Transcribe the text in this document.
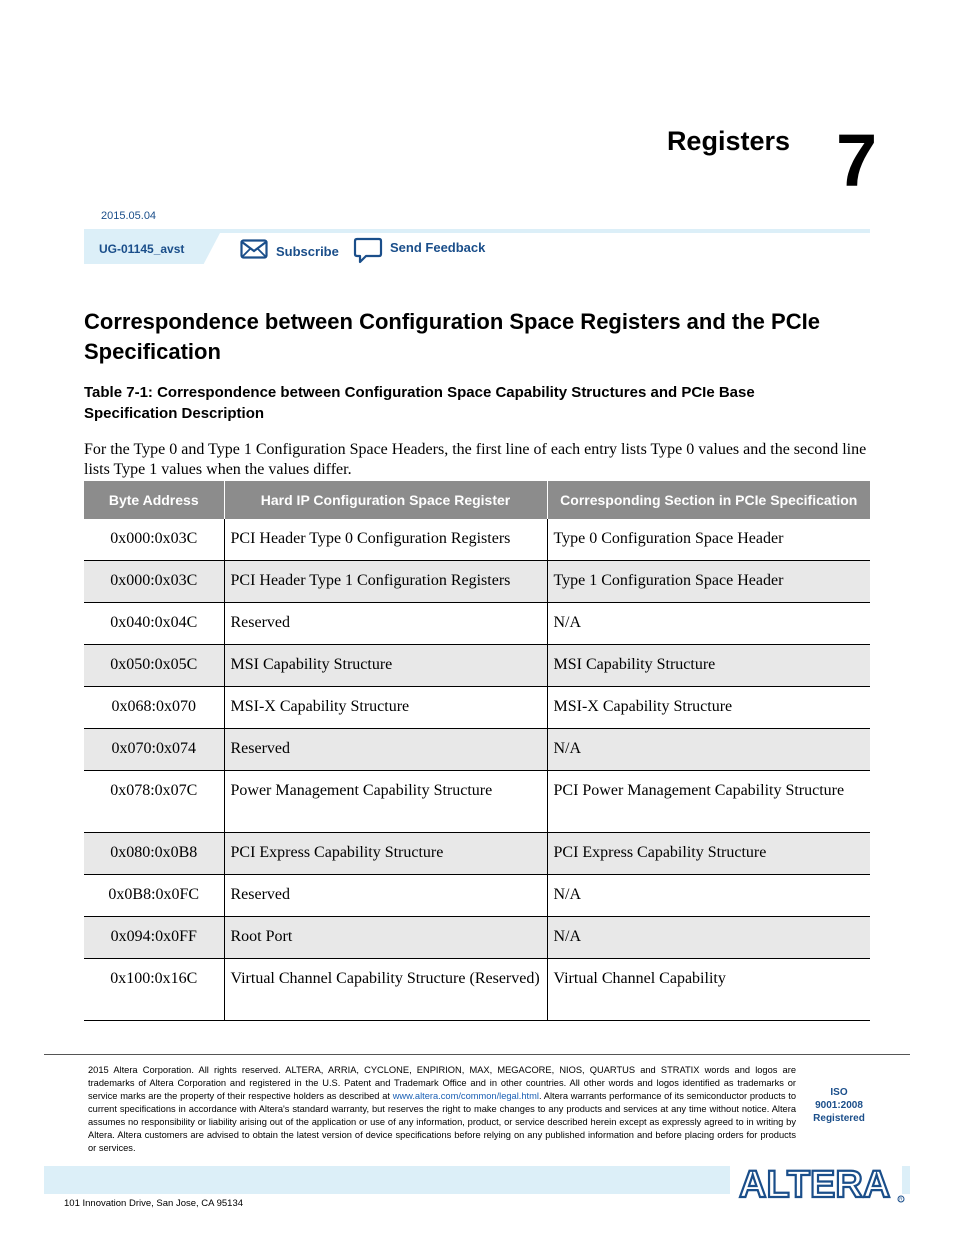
Registers 7
2015.05.04
UG-01145_avst	Subscribe	Send Feedback
Correspondence between Configuration Space Registers and the PCIe Specification
Table 7-1: Correspondence between Configuration Space Capability Structures and PCIe Base Specification Description
For the Type 0 and Type 1 Configuration Space Headers, the first line of each entry lists Type 0 values and the second line lists Type 1 values when the values differ.
Byte Address	Hard IP Configuration Space Register	Corresponding Section in PCIe Specification
0x000:0x03C	PCI Header Type 0 Configuration Registers	Type 0 Configuration Space Header
0x000:0x03C	PCI Header Type 1 Configuration Registers	Type 1 Configuration Space Header
0x040:0x04C	Reserved	N/A
0x050:0x05C	MSI Capability Structure	MSI Capability Structure
0x068:0x070	MSI-X Capability Structure	MSI-X Capability Structure
0x070:0x074	Reserved	N/A
0x078:0x07C	Power Management Capability Structure	PCI Power Management Capability Structure
0x080:0x0B8	PCI Express Capability Structure	PCI Express Capability Structure
0x0B8:0x0FC	Reserved	N/A
0x094:0x0FF	Root Port	N/A
0x100:0x16C	Virtual Channel Capability Structure (Reserved)	Virtual Channel Capability
2015 Altera Corporation. All rights reserved. ALTERA, ARRIA, CYCLONE, ENPIRION, MAX, MEGACORE, NIOS, QUARTUS and STRATIX words and logos are trademarks of Altera Corporation and registered in the U.S. Patent and Trademark Office and in other countries. All other words and logos identified as trademarks or service marks are the property of their respective holders as described at www.altera.com/common/legal.html. Altera warrants performance of its semiconductor products to current specifications in accordance with Altera's standard warranty, but reserves the right to make changes to any products and services at any time without notice. Altera assumes no responsibility or liability arising out of the application or use of any information, product, or service described herein except as expressly agreed to in writing by Altera. Altera customers are advised to obtain the latest version of device specifications before relying on any published information and before placing orders for products or services.
ISO
9001:2008
Registered
ALTERA R
101 Innovation Drive, San Jose, CA 95134
